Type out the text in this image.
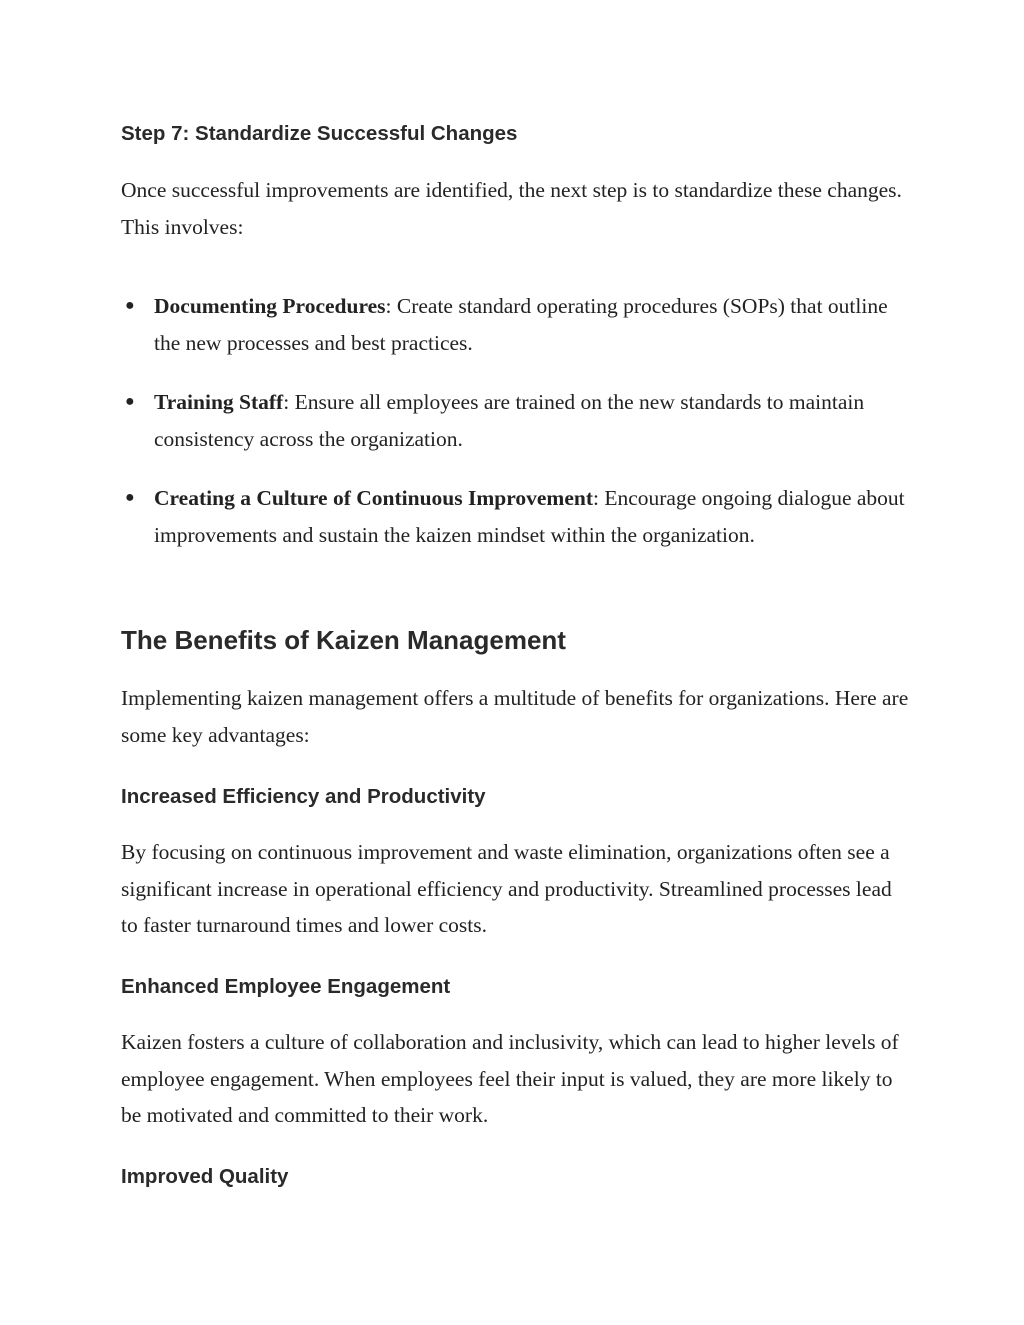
Step 7: Standardize Successful Changes

Once successful improvements are identified, the next step is to standardize these changes. This involves:

● Documenting Procedures: Create standard operating procedures (SOPs) that outline the new processes and best practices.
● Training Staff: Ensure all employees are trained on the new standards to maintain consistency across the organization.
● Creating a Culture of Continuous Improvement: Encourage ongoing dialogue about improvements and sustain the kaizen mindset within the organization.
The Benefits of Kaizen Management

Implementing kaizen management offers a multitude of benefits for organizations. Here are some key advantages:

Increased Efficiency and Productivity

By focusing on continuous improvement and waste elimination, organizations often see a significant increase in operational efficiency and productivity. Streamlined processes lead to faster turnaround times and lower costs.

Enhanced Employee Engagement

Kaizen fosters a culture of collaboration and inclusivity, which can lead to higher levels of employee engagement. When employees feel their input is valued, they are more likely to be motivated and committed to their work.

Improved Quality
